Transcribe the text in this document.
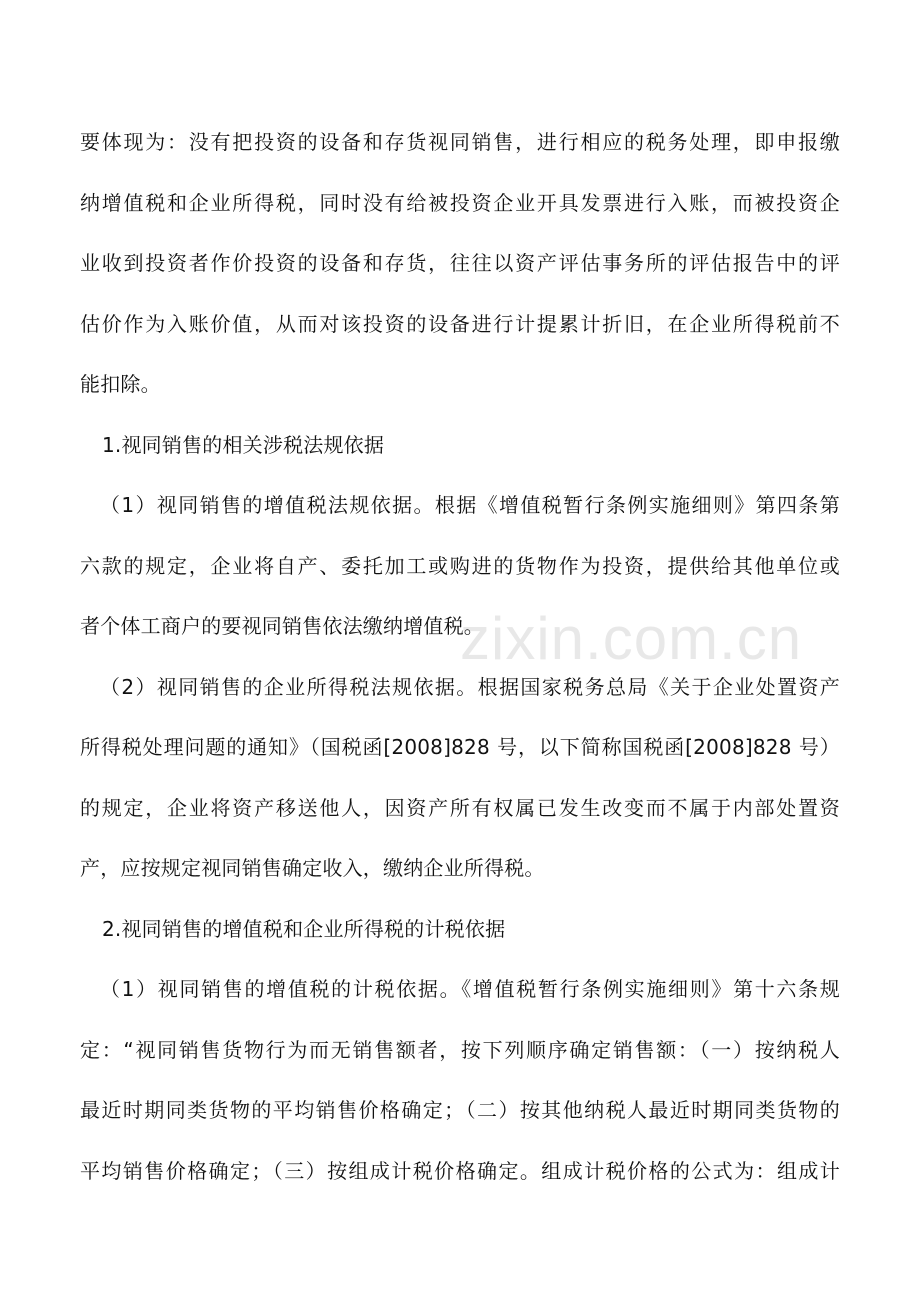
zixin.com.cn
要体现为：没有把投资的设备和存货视同销售，进行相应的税务处理，即申报缴
纳增值税和企业所得税，同时没有给被投资企业开具发票进行入账，而被投资企
业收到投资者作价投资的设备和存货，往往以资产评估事务所的评估报告中的评
估价作为入账价值，从而对该投资的设备进行计提累计折旧，在企业所得税前不
能扣除。
1.视同销售的相关涉税法规依据
（1）视同销售的增值税法规依据。根据《增值税暂行条例实施细则》第四条第
六款的规定，企业将自产、委托加工或购进的货物作为投资，提供给其他单位或
者个体工商户的要视同销售依法缴纳增值税。
（2）视同销售的企业所得税法规依据。根据国家税务总局《关于企业处置资产
所得税处理问题的通知》（国税函[2008]828 号，以下简称国税函[2008]828 号）
的规定，企业将资产移送他人，因资产所有权属已发生改变而不属于内部处置资
产，应按规定视同销售确定收入，缴纳企业所得税。
2.视同销售的增值税和企业所得税的计税依据
（1）视同销售的增值税的计税依据。《增值税暂行条例实施细则》第十六条规
定：“视同销售货物行为而无销售额者，按下列顺序确定销售额：（一）按纳税人
最近时期同类货物的平均销售价格确定；（二）按其他纳税人最近时期同类货物的
平均销售价格确定；（三）按组成计税价格确定。组成计税价格的公式为：组成计
